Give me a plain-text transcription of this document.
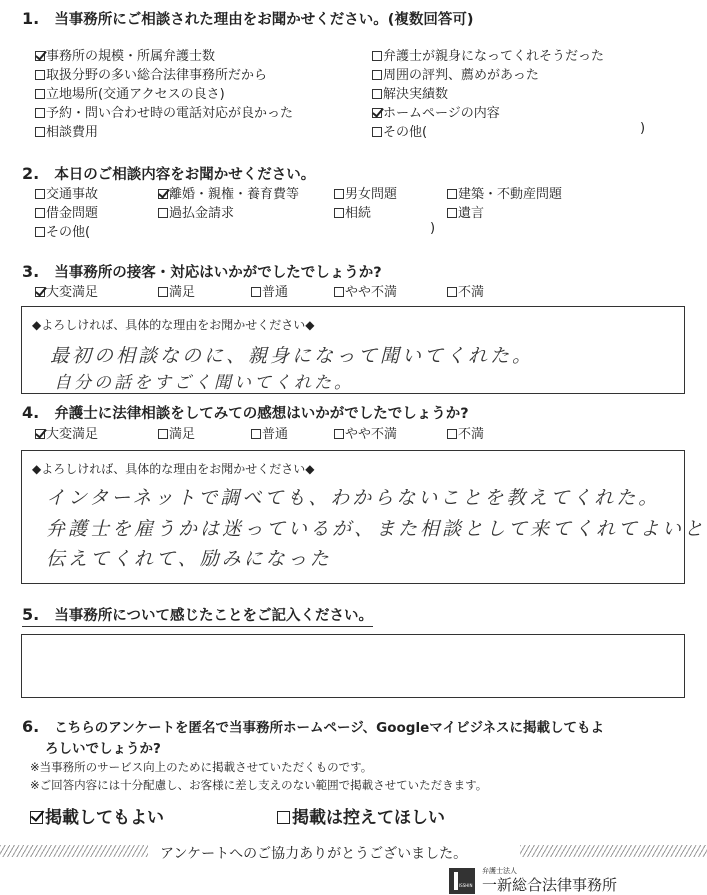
1. 当事務所にご相談された理由をお聞かせください。(複数回答可)
事務所の規模・所属弁護士数	弁護士が親身になってくれそうだった
取扱分野の多い総合法律事務所だから	周囲の評判、薦めがあった
立地場所(交通アクセスの良さ)	解決実績数
予約・問い合わせ時の電話対応が良かった	ホームページの内容
相談費用	その他(	)
2. 本日のご相談内容をお聞かせください。
交通事故	離婚・親権・養育費等	男女問題	建築・不動産問題
借金問題	過払金請求	相続	遺言
その他(	)
3. 当事務所の接客・対応はいかがでしたでしょうか?
大変満足	満足	普通	やや不満	不満
◆よろしければ、具体的な理由をお聞かせください◆
最初の相談なのに、親身になって聞いてくれた。
自分の話をすごく聞いてくれた。
4. 弁護士に法律相談をしてみての感想はいかがでしたでしょうか?
大変満足	満足	普通	やや不満	不満
◆よろしければ、具体的な理由をお聞かせください◆
インターネットで調べても、わからないことを教えてくれた。
弁護士を雇うかは迷っているが、また相談として来てくれてよいと
伝えてくれて、励みになった
5. 当事務所について感じたことをご記入ください。
6. こちらのアンケートを匿名で当事務所ホームページ、Googleマイビジネスに掲載してもよ
ろしいでしょうか?
※当事務所のサービス向上のために掲載させていただくものです。
※ご回答内容には十分配慮し、お客様に差し支えのない範囲で掲載させていただきます。
掲載してもよい	掲載は控えてほしい
アンケートへのご協力ありがとうございました。
ISSHIN
弁護士法人
一新総合法律事務所
